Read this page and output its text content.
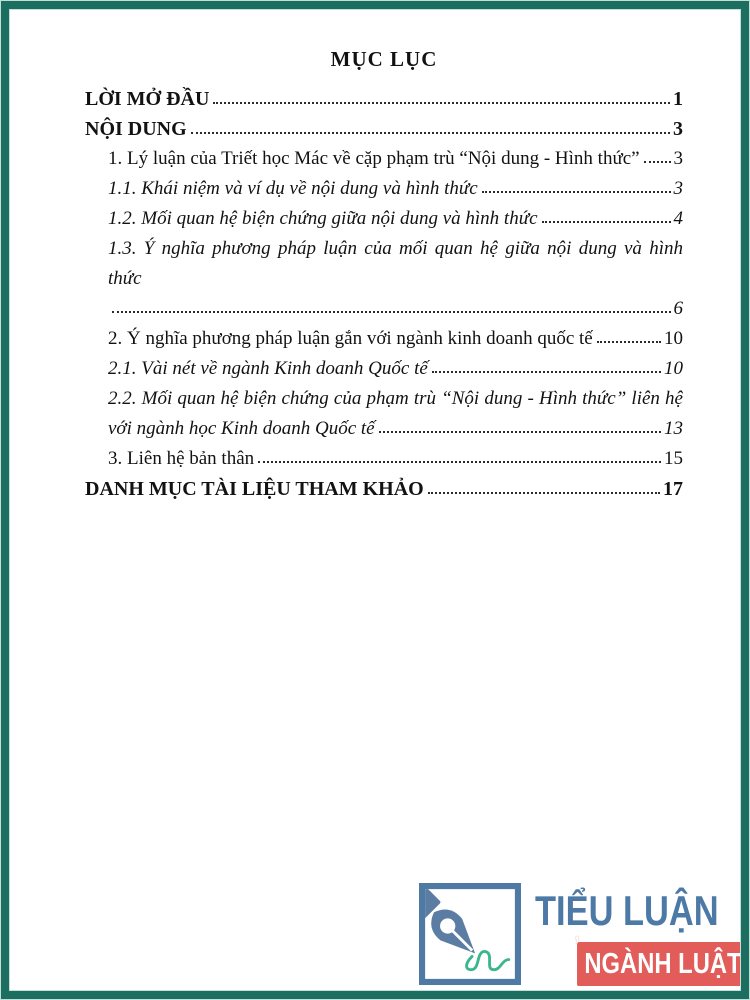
MỤC LỤC
LỜI MỞ ĐẦU	1
NỘI DUNG	3
1. Lý luận của Triết học Mác về cặp phạm trù “Nội dung - Hình thức” 3
1.1. Khái niệm và ví dụ về nội dung và hình thức	3
1.2. Mối quan hệ biện chứng giữa nội dung và hình thức	4
1.3. Ý nghĩa phương pháp luận của mối quan hệ giữa nội dung và hình thức
6
2. Ý nghĩa phương pháp luận gắn với ngành kinh doanh quốc tế	10
2.1. Vài nét về ngành Kinh doanh Quốc tế	10
2.2. Mối quan hệ biện chứng của phạm trù “Nội dung - Hình thức” liên hệ
với ngành học Kinh doanh Quốc tế	13
3. Liên hệ bản thân	15
DANH MỤC TÀI LIỆU THAM KHẢO	17
TIỂU LUẬN
ʼ
NGÀNH LUẬT
